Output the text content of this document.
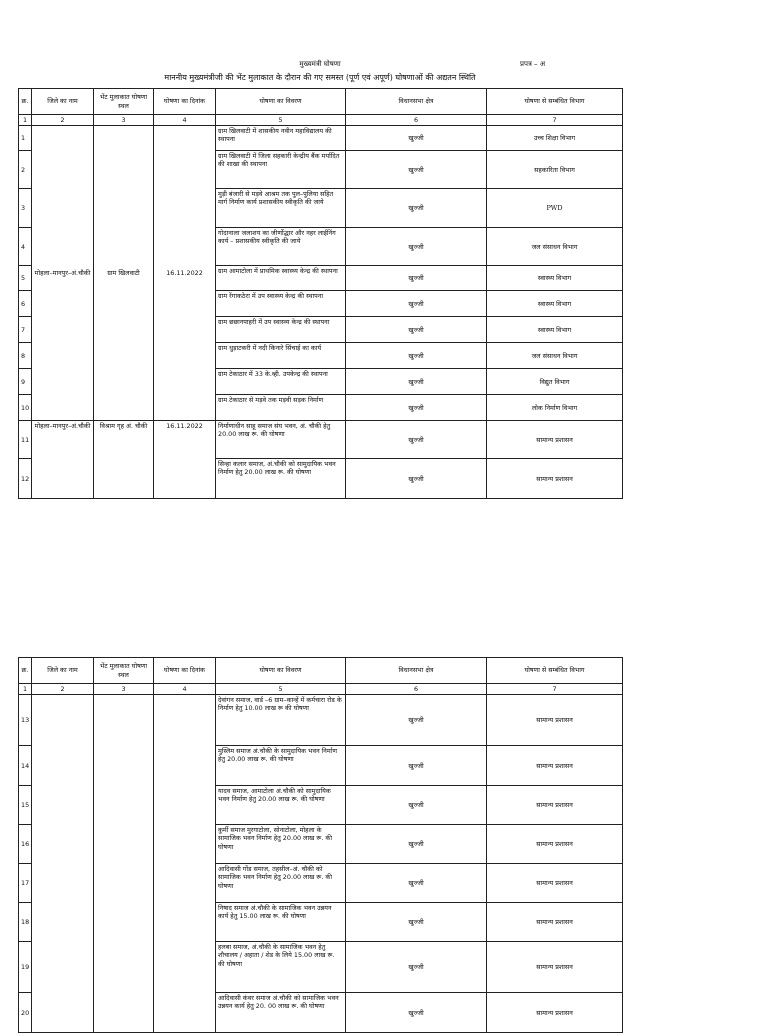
मुख्यमंत्री घोषणा	प्रपत्र – अ
माननीय मुख्यमंत्रीजी की भेंट मुलाकात के दौरान की गए समस्त (पूर्ण एवं अपूर्ण) घोषणाओं की अद्यतन स्थिति
क्र.	जिले का नाम	भेंट मुलाकात घोषणा स्थल	घोषणा का दिनांक	घोषणा का विवरण	विधानसभा क्षेत्र	घोषणा से सम्बंधित विभाग
1	2	3	4	5	6	7
1	मोहला–मानपुर–अं.चौकी	ग्राम खिलवाटी	16.11.2022	ग्राम खिलवाटी में शासकीय नवीन महाविद्यालय की स्थापना	खुज्जी	उच्च शिक्षा विभाग
2				ग्राम खिलवाटी में जिला सहकारी केन्द्रीय बैंक मर्यादित की शाखा की स्थापना	खुज्जी	सहकारिता विभाग
3				मुड़ी बंजारी से मड़वे आश्रम तक पुल–पुलिया सहित मार्ग निर्माण कार्य प्रशासकीय स्वीकृति की जाये	खुज्जी	PWD
4				गोदानाला जलाशय का जीर्णोद्धार और नहर लाईनिंग कार्य – प्रशासकीय स्वीकृति की जाये	खुज्जी	जल संसाधन विभाग
5				ग्राम आमाटोला में प्राथमिक स्वास्थ्य केन्द्र की स्थापना	खुज्जी	स्वास्थ्य विभाग
6				ग्राम रेंगाकठेरा में उप स्वास्थ्य केन्द्र की स्थापना	खुज्जी	स्वास्थ्य विभाग
7				ग्राम छछानपाहरी में उप स्वास्थ्य केन्द्र की स्थापना	खुज्जी	स्वास्थ्य विभाग
8				ग्राम धुड़ाटकरी में नदी किनारे सिंचाई का कार्य	खुज्जी	जल संसाधन विभाग
9				ग्राम टेकाठार में 33 के.व्ही. उपकेन्द्र की स्थापना	खुज्जी	विद्युत विभाग
10				ग्राम टेकाठार से मड़वे तक मड़वी सड़क निर्माण	खुज्जी	लोक निर्माण विभाग
11	मोहला–मानपुर–अं.चौकी	विश्राम गृह अं. चौकी	16.11.2022	निर्माणाधीन साहू समाज संघ भवन, अं. चौकी हेतु 20.00 लाख रू. की घोषणा	खुज्जी	सामान्य प्रशासन
12				सिन्हा कलार समाज, अं.चौकी को सामुदायिक भवन निर्माण हेतु 20.00 लाख रू. की घोषणा	खुज्जी	सामान्य प्रशासन
क्र.	जिले का नाम	भेंट मुलाकात घोषणा स्थल	घोषणा का दिनांक	घोषणा का विवरण	विधानसभा क्षेत्र	घोषणा से सम्बंधित विभाग
1	2	3	4	5	6	7
13				देवांगन समाज, वार्ड –6 ग्राम–कान्हें में कर्मचारा रोड के निर्माण हेतु 10.00 लाख रू की घोषणा	खुज्जी	सामान्य प्रशासन
14				मुस्लिम समाज अं.चौकी के सामुदायिक भवन निर्माण हेतु 20.00 लाख रू. की घोषणा	खुज्जी	सामान्य प्रशासन
15				यादव समाज, आमाटोला अं.चौकी को सामुदायिक भवन निर्माण हेतु 20.00 लाख रू. की घोषणा	खुज्जी	सामान्य प्रशासन
16				कुर्मी समाज मुरगाटोला, सोनाटोला, मोहला के सामाजिक भवन निर्माण हेतु 20.00 लाख रू. की घोषणा	खुज्जी	सामान्य प्रशासन
17				आदिवासी गोंड समाज, तहसील–अं. चौकी को सामाजिक भवन निर्माण हेतु 20.00 लाख रू. की घोषणा	खुज्जी	सामान्य प्रशासन
18				निषाद समाज अं.चौकी के सामाजिक भवन उन्नयन कार्य हेतु 15.00 लाख रू. की घोषणा	खुज्जी	सामान्य प्रशासन
19				हलबा समाज, अं.चौकी के सामाजिक भवन हेतु शौचालय / अहाता / शेड के लिये 15.00 लाख रू. की घोषणा	खुज्जी	सामान्य प्रशासन
20				आदिवासी कंवर समाज अं.चौकी को सामाजिक भवन उन्नयन कार्य हेतु 20. 00 लाख रू. की घोषणा	खुज्जी	सामान्य प्रशासन
